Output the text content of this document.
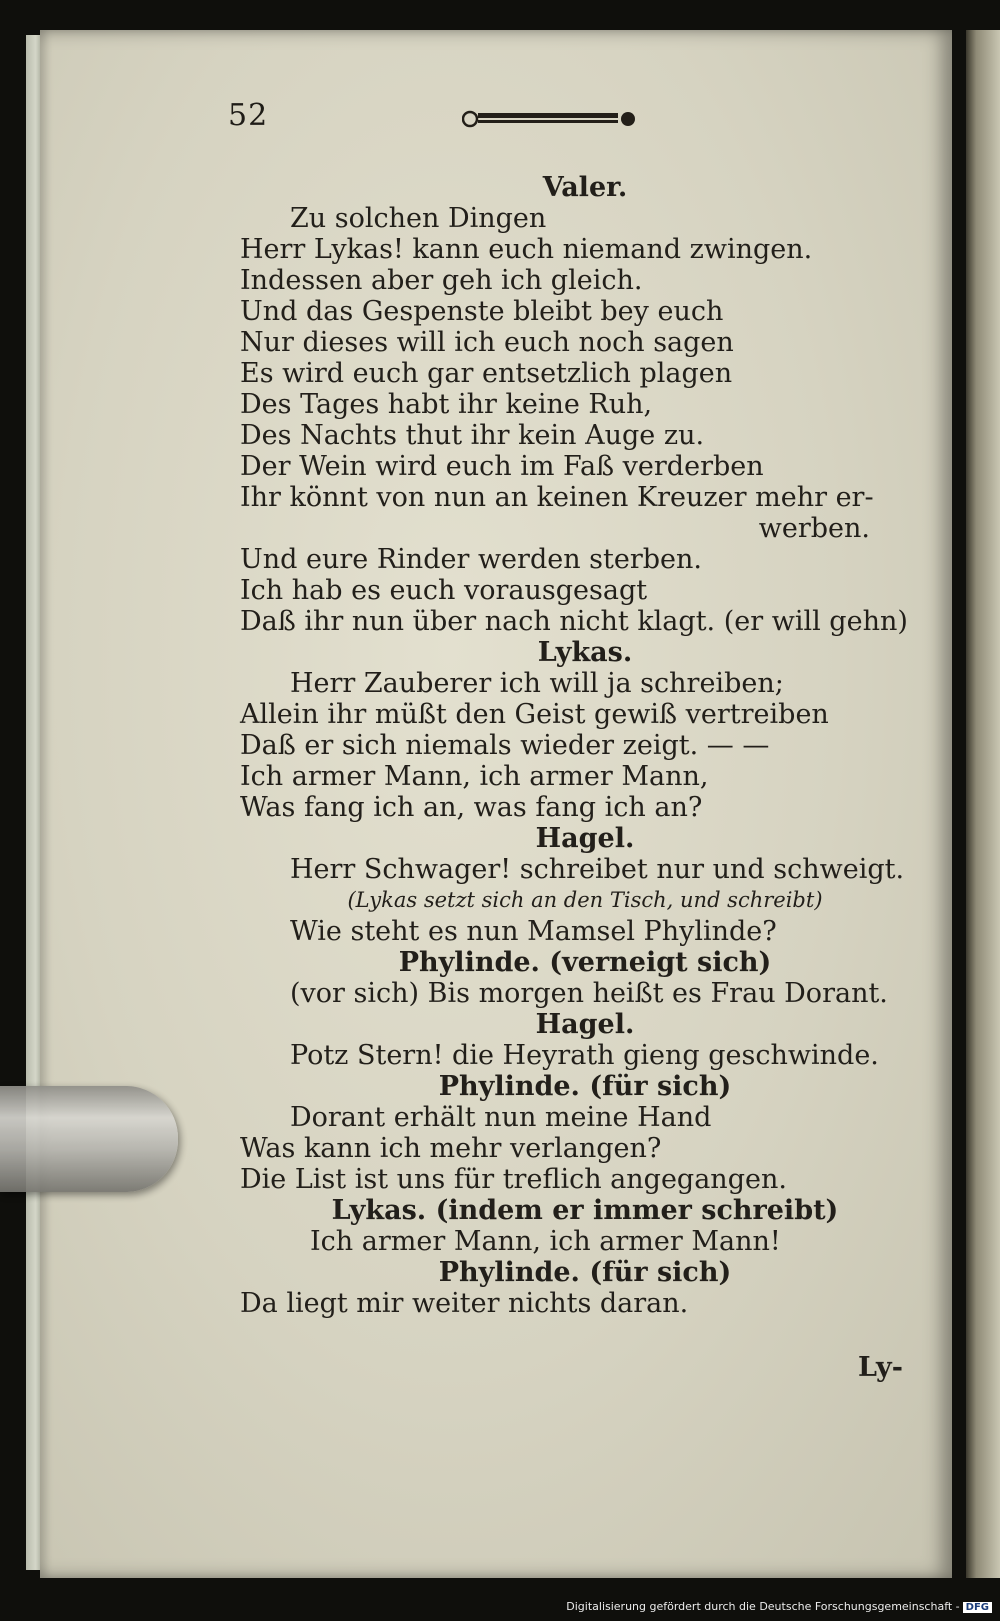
52
Valer.
Zu solchen Dingen
Herr Lykas! kann euch niemand zwingen.
Indessen aber geh ich gleich.
Und das Gespenste bleibt bey euch
Nur dieses will ich euch noch sagen
Es wird euch gar entsetzlich plagen
Des Tages habt ihr keine Ruh,
Des Nachts thut ihr kein Auge zu.
Der Wein wird euch im Faß verderben
Ihr könnt von nun an keinen Kreuzer mehr er-
werben.
Und eure Rinder werden sterben.
Ich hab es euch vorausgesagt
Daß ihr nun über nach nicht klagt. (er will gehn)
Lykas.
Herr Zauberer ich will ja schreiben;
Allein ihr müßt den Geist gewiß vertreiben
Daß er sich niemals wieder zeigt. — —
Ich armer Mann, ich armer Mann,
Was fang ich an, was fang ich an?
Hagel.
Herr Schwager! schreibet nur und schweigt.
(Lykas setzt sich an den Tisch, und schreibt)
Wie steht es nun Mamsel Phylinde?
Phylinde. (verneigt sich)
(vor sich) Bis morgen heißt es Frau Dorant.
Hagel.
Potz Stern! die Heyrath gieng geschwinde.
Phylinde. (für sich)
Dorant erhält nun meine Hand
Was kann ich mehr verlangen?
Die List ist uns für treflich angegangen.
Lykas. (indem er immer schreibt)
Ich armer Mann, ich armer Mann!
Phylinde. (für sich)
Da liegt mir weiter nichts daran.
Ly-
Digitalisierung gefördert durch die Deutsche Forschungsgemeinschaft - DFG
